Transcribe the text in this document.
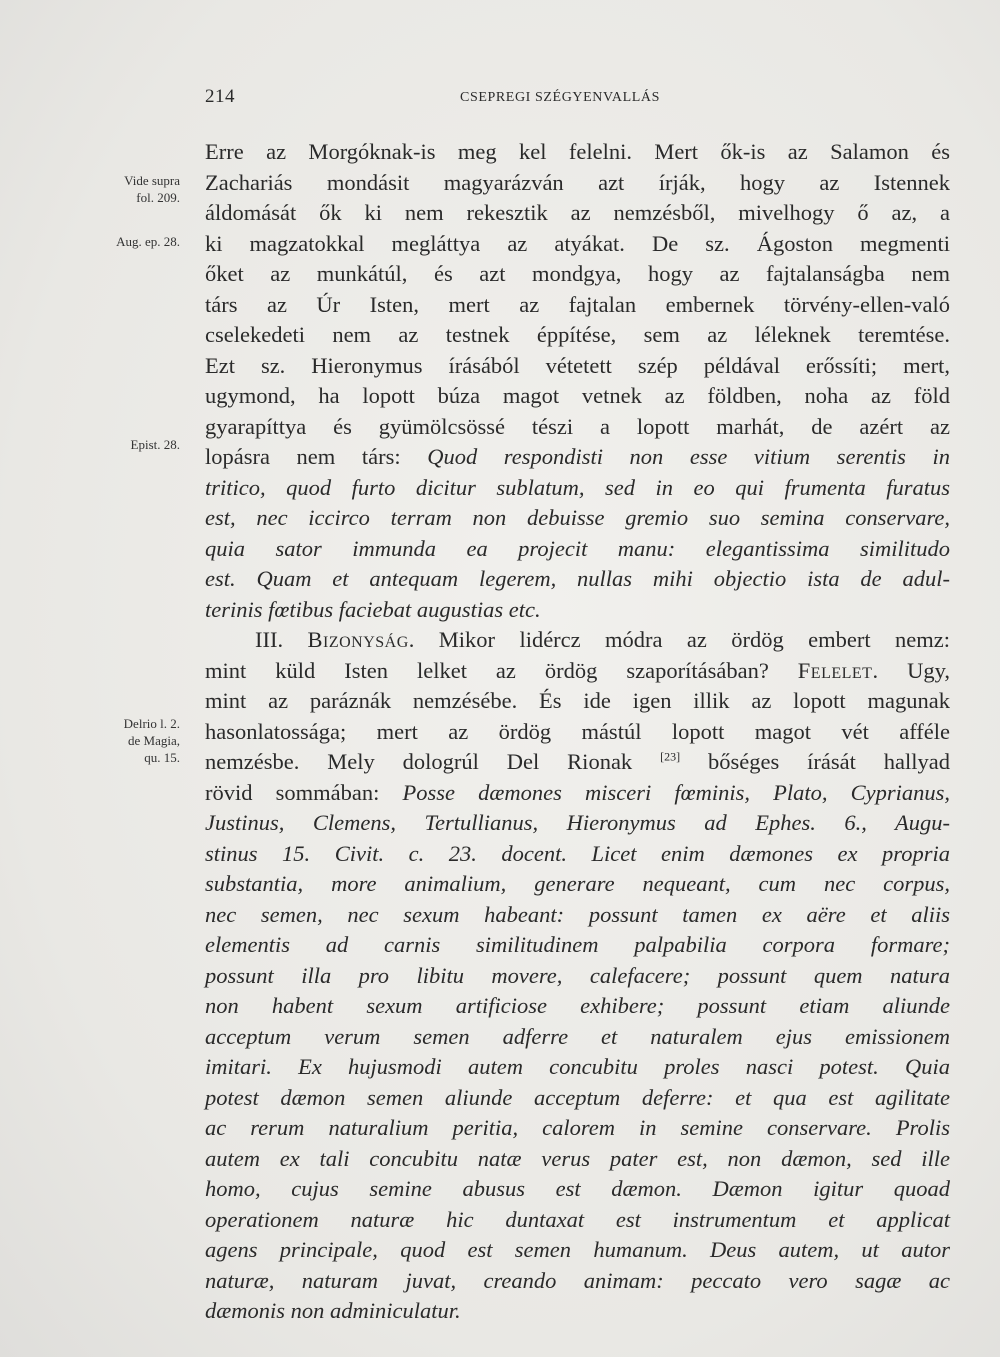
214	CSEPREGI SZÉGYENVALLÁS
Vide supra
fol. 209.
Aug. ep. 28.
Epist. 28.
Delrio l. 2.
de Magia,
qu. 15.
Erre az Morgóknak-is meg kel felelni. Mert ők-is az Salamon és
Zachariás mondásit magyarázván azt írják, hogy az Istennek
áldomását ők ki nem rekesztik az nemzésből, mivelhogy ő az, a
ki magzatokkal megláttya az atyákat. De sz. Ágoston megmenti
őket az munkátúl, és azt mondgya, hogy az fajtalanságba nem
társ az Úr Isten, mert az fajtalan embernek törvény-ellen-való
cselekedeti nem az testnek éppítése, sem az léleknek teremtése.
Ezt sz. Hieronymus írásából vétetett szép példával erőssíti; mert,
ugymond, ha lopott búza magot vetnek az földben, noha az föld
gyarapíttya és gyümölcsössé tészi a lopott marhát, de azért az
lopásra nem társ: Quod respondisti non esse vitium serentis in
tritico, quod furto dicitur sublatum, sed in eo qui frumenta furatus
est, nec iccirco terram non debuisse gremio suo semina conservare,
quia sator immunda ea projecit manu: elegantissima similitudo
est. Quam et antequam legerem, nullas mihi objectio ista de adul-
terinis fœtibus faciebat augustias etc.
III. Bizonyság. Mikor lidércz módra az ördög embert nemz:
mint küld Isten lelket az ördög szaporításában? Felelet. Ugy,
mint az paráznák nemzésébe. És ide igen illik az lopott magunak
hasonlatossága; mert az ördög mástúl lopott magot vét afféle
nemzésbe. Mely dologrúl Del Rionak [23] bőséges írását hallyad
rövid sommában: Posse dæmones misceri fœminis, Plato, Cyprianus,
Justinus, Clemens, Tertullianus, Hieronymus ad Ephes. 6., Augu-
stinus 15. Civit. c. 23. docent. Licet enim dæmones ex propria
substantia, more animalium, generare nequeant, cum nec corpus,
nec semen, nec sexum habeant: possunt tamen ex aëre et aliis
elementis ad carnis similitudinem palpabilia corpora formare;
possunt illa pro libitu movere, calefacere; possunt quem natura
non habent sexum artificiose exhibere; possunt etiam aliunde
acceptum verum semen adferre et naturalem ejus emissionem
imitari. Ex hujusmodi autem concubitu proles nasci potest. Quia
potest dæmon semen aliunde acceptum deferre: et qua est agilitate
ac rerum naturalium peritia, calorem in semine conservare. Prolis
autem ex tali concubitu natæ verus pater est, non dæmon, sed ille
homo, cujus semine abusus est dæmon. Dæmon igitur quoad
operationem naturæ hic duntaxat est instrumentum et applicat
agens principale, quod est semen humanum. Deus autem, ut autor
naturæ, naturam juvat, creando animam: peccato vero sagæ ac
dæmonis non adminiculatur.
